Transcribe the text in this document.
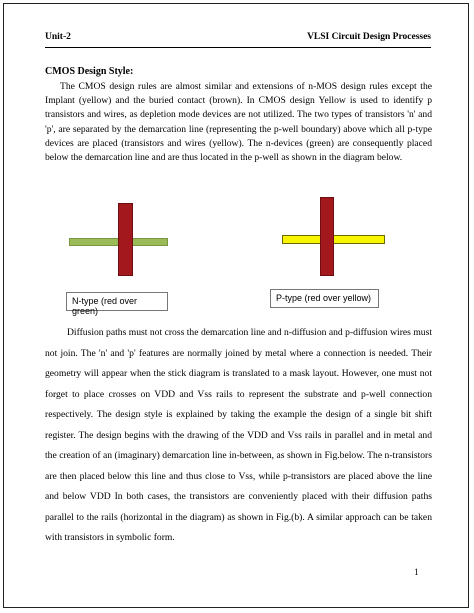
Unit-2	VLSI Circuit Design Processes
CMOS Design Style:

The CMOS design rules are almost similar and extensions of n-MOS design rules except the Implant (yellow) and the buried contact (brown). In CMOS design Yellow is used to identify p transistors and wires, as depletion mode devices are not utilized. The two types of transistors 'n' and 'p', are separated by the demarcation line (representing the p-well boundary) above which all p-type devices are placed (transistors and wires (yellow). The n-devices (green) are consequently placed below the demarcation line and are thus located in the p-well as shown in the diagram below.

N-type (red over green)
P-type (red over yellow)

Diffusion paths must not cross the demarcation line and n-diffusion and p-diffusion wires must not join. The 'n' and 'p' features are normally joined by metal where a connection is needed. Their geometry will appear when the stick diagram is translated to a mask layout. However, one must not forget to place crosses on VDD and Vss rails to represent the substrate and p-well connection respectively. The design style is explained by taking the example the design of a single bit shift register. The design begins with the drawing of the VDD and Vss rails in parallel and in metal and the creation of an (imaginary) demarcation line in-between, as shown in Fig.below. The n-transistors are then placed below this line and thus close to Vss, while p-transistors are placed above the line and below VDD In both cases, the transistors are conveniently placed with their diffusion paths parallel to the rails (horizontal in the diagram) as shown in Fig.(b). A similar approach can be taken with transistors in symbolic form.

1
